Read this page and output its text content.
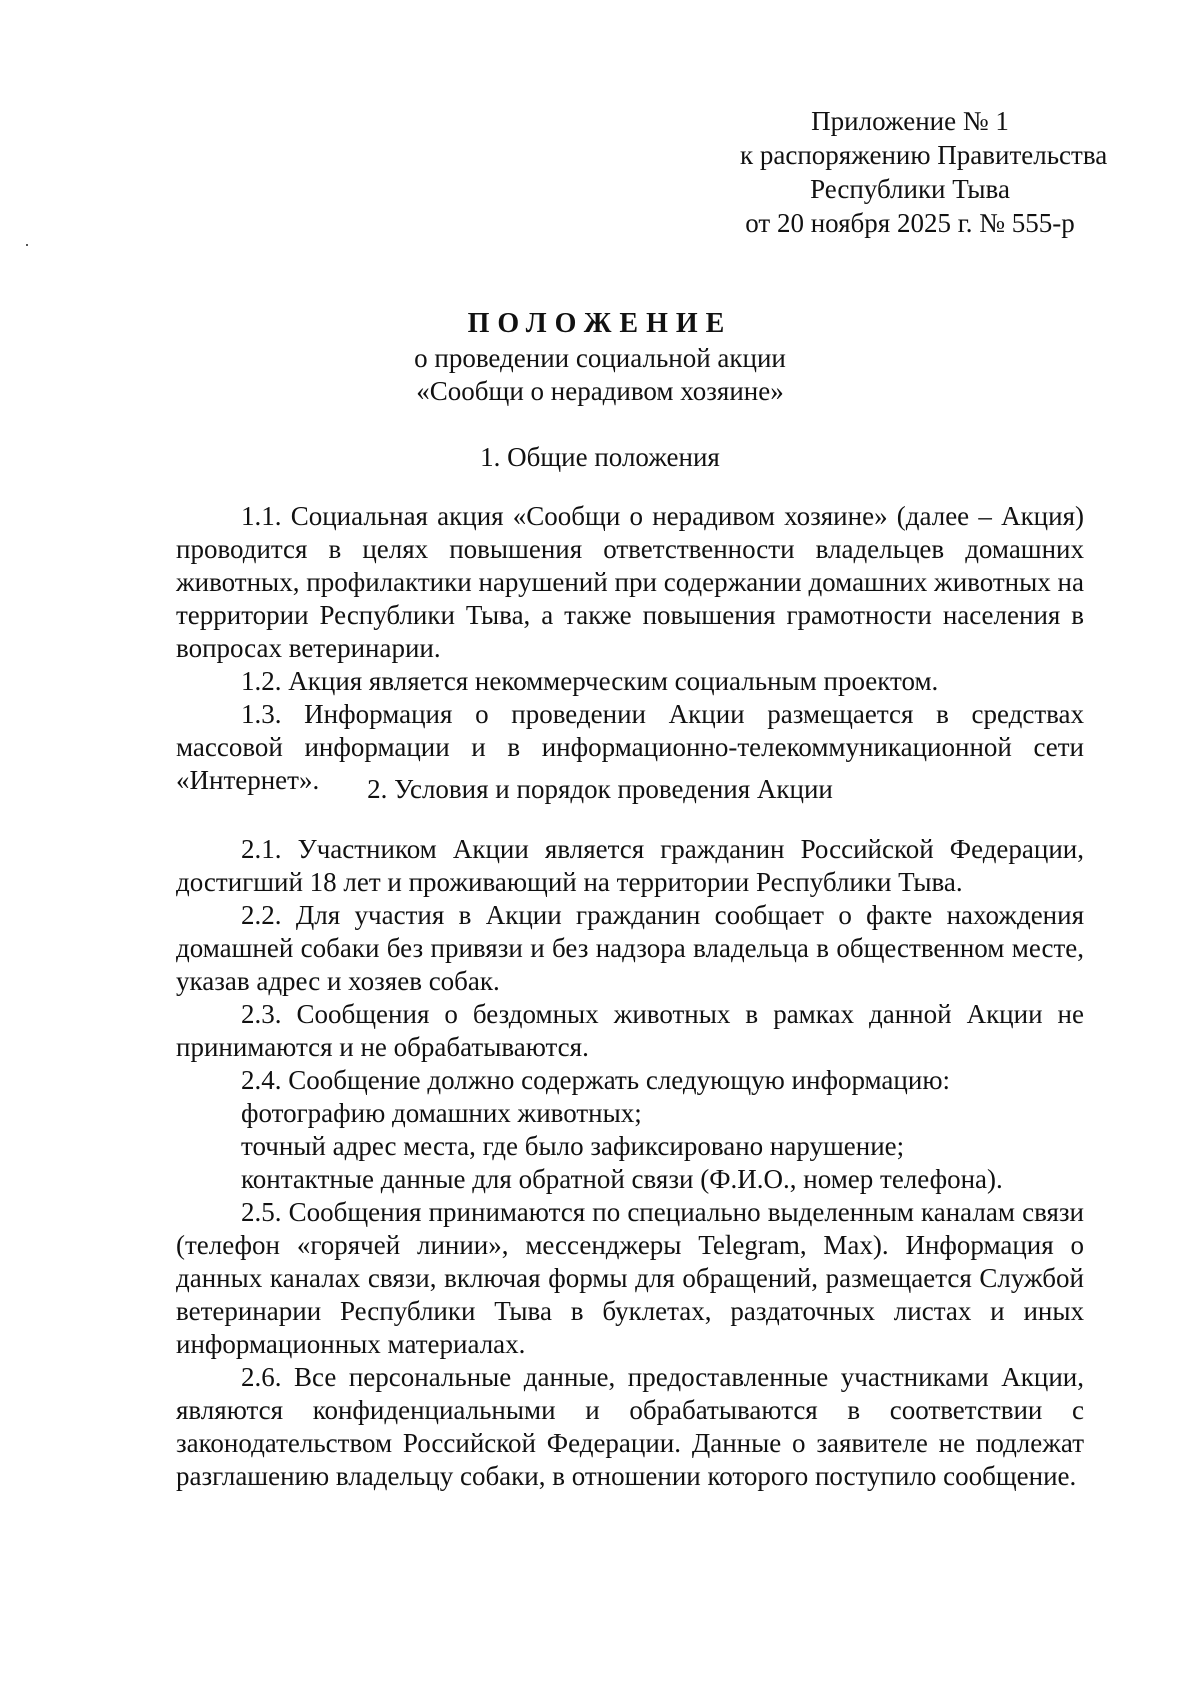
Приложение № 1
к распоряжению Правительства
Республики Тыва
от 20 ноября 2025 г. № 555-р
ПОЛОЖЕНИЕ
о проведении социальной акции
«Сообщи о нерадивом хозяине»
1. Общие положения

1.1. Социальная акция «Сообщи о нерадивом хозяине» (далее – Акция) проводится в целях повышения ответственности владельцев домашних животных, профилактики нарушений при содержании домашних животных на территории Республики Тыва, а также повышения грамотности населения в вопросах ветеринарии.

1.2. Акция является некоммерческим социальным проектом.

1.3. Информация о проведении Акции размещается в средствах массовой информации и в информационно-телекоммуникационной сети «Интернет».	2. Условия и порядок проведения Акции

2.1. Участником Акции является гражданин Российской Федерации, достигший 18 лет и проживающий на территории Республики Тыва.

2.2. Для участия в Акции гражданин сообщает о факте нахождения домашней собаки без привязи и без надзора владельца в общественном месте, указав адрес и хозяев собак.

2.3. Сообщения о бездомных животных в рамках данной Акции не принимаются и не обрабатываются.

2.4. Сообщение должно содержать следующую информацию:

фотографию домашних животных;

точный адрес места, где было зафиксировано нарушение;

контактные данные для обратной связи (Ф.И.О., номер телефона).

2.5. Сообщения принимаются по специально выделенным каналам связи (телефон «горячей линии», мессенджеры Telegram, Max). Информация о данных каналах связи, включая формы для обращений, размещается Службой ветеринарии Республики Тыва в буклетах, раздаточных листах и иных информационных материалах.

2.6. Все персональные данные, предоставленные участниками Акции, являются конфиденциальными и обрабатываются в соответствии с законодательством Российской Федерации. Данные о заявителе не подлежат разглашению владельцу собаки, в отношении которого поступило сообщение.
